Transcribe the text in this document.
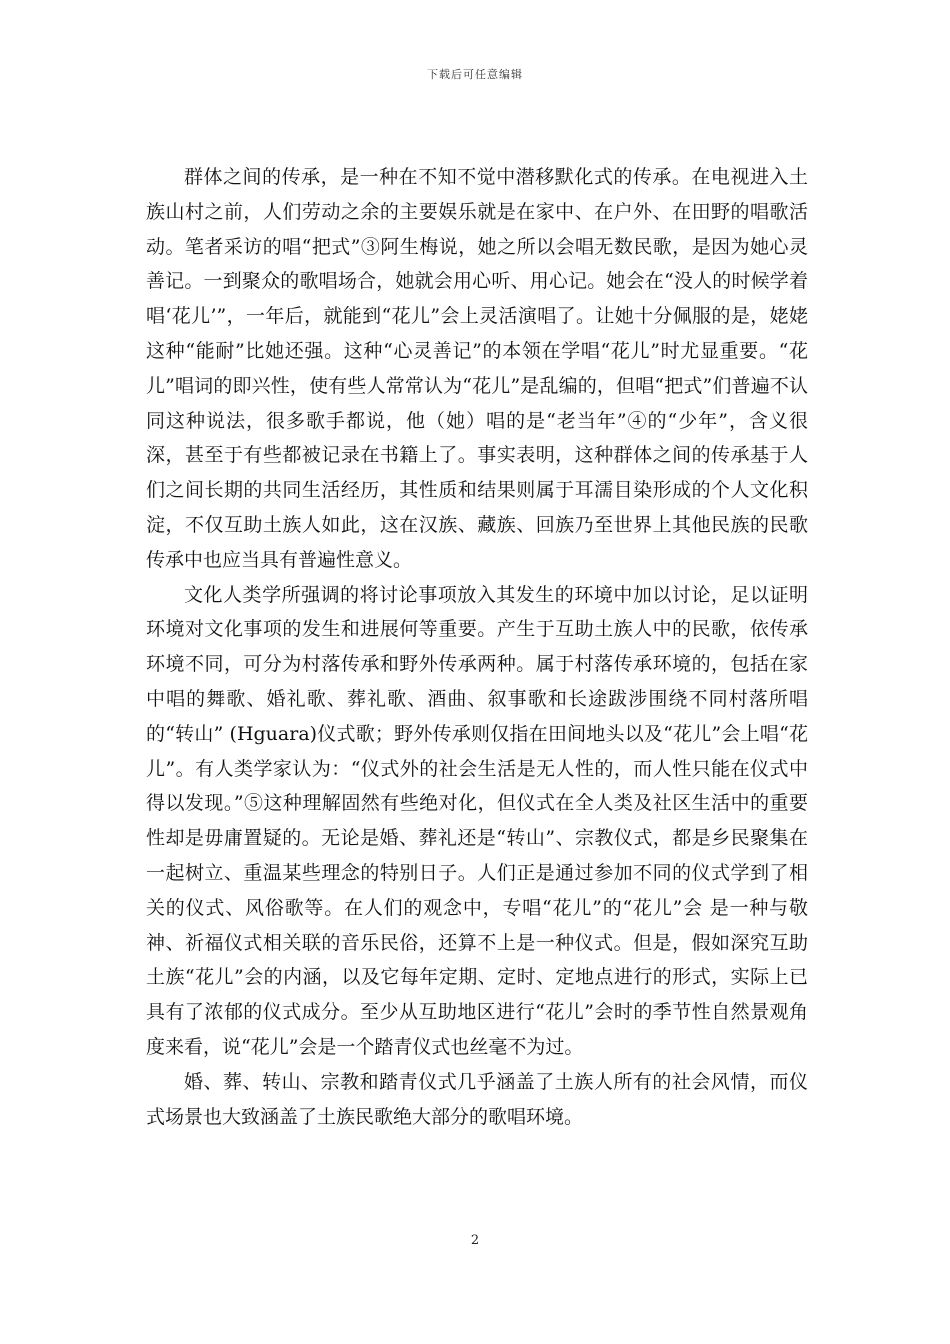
下载后可任意编辑

群体之间的传承，是一种在不知不觉中潜移默化式的传承。在电视进入土族山村之前，人们劳动之余的主要娱乐就是在家中、在户外、在田野的唱歌活动。笔者采访的唱“把式”③阿生梅说，她之所以会唱无数民歌，是因为她心灵善记。一到聚众的歌唱场合，她就会用心听、用心记。她会在“没人的时候学着唱‘花儿’”，一年后，就能到“花儿”会上灵活演唱了。让她十分佩服的是，姥姥这种“能耐”比她还强。这种“心灵善记”的本领在学唱“花儿”时尤显重要。“花儿”唱词的即兴性，使有些人常常认为“花儿”是乱编的，但唱“把式”们普遍不认同这种说法，很多歌手都说，他（她）唱的是“老当年”④的“少年”，含义很深，甚至于有些都被记录在书籍上了。事实表明，这种群体之间的传承基于人们之间长期的共同生活经历，其性质和结果则属于耳濡目染形成的个人文化积淀，不仅互助土族人如此，这在汉族、藏族、回族乃至世界上其他民族的民歌传承中也应当具有普遍性意义。

文化人类学所强调的将讨论事项放入其发生的环境中加以讨论，足以证明环境对文化事项的发生和进展何等重要。产生于互助土族人中的民歌，依传承环境不同，可分为村落传承和野外传承两种。属于村落传承环境的，包括在家中唱的舞歌、婚礼歌、葬礼歌、酒曲、叙事歌和长途跋涉围绕不同村落所唱的“转山” (Hguara)仪式歌；野外传承则仅指在田间地头以及“花儿”会上唱“花儿”。有人类学家认为：“仪式外的社会生活是无人性的，而人性只能在仪式中得以发现。”⑤这种理解固然有些绝对化，但仪式在全人类及社区生活中的重要性却是毋庸置疑的。无论是婚、葬礼还是“转山”、宗教仪式，都是乡民聚集在一起树立、重温某些理念的特别日子。人们正是通过参加不同的仪式学到了相关的仪式、风俗歌等。在人们的观念中，专唱“花儿”的“花儿”会 是一种与敬神、祈福仪式相关联的音乐民俗，还算不上是一种仪式。但是，假如深究互助土族“花儿”会的内涵，以及它每年定期、定时、定地点进行的形式，实际上已具有了浓郁的仪式成分。至少从互助地区进行“花儿”会时的季节性自然景观角度来看，说“花儿”会是一个踏青仪式也丝毫不为过。

婚、葬、转山、宗教和踏青仪式几乎涵盖了土族人所有的社会风情，而仪式场景也大致涵盖了土族民歌绝大部分的歌唱环境。

2
